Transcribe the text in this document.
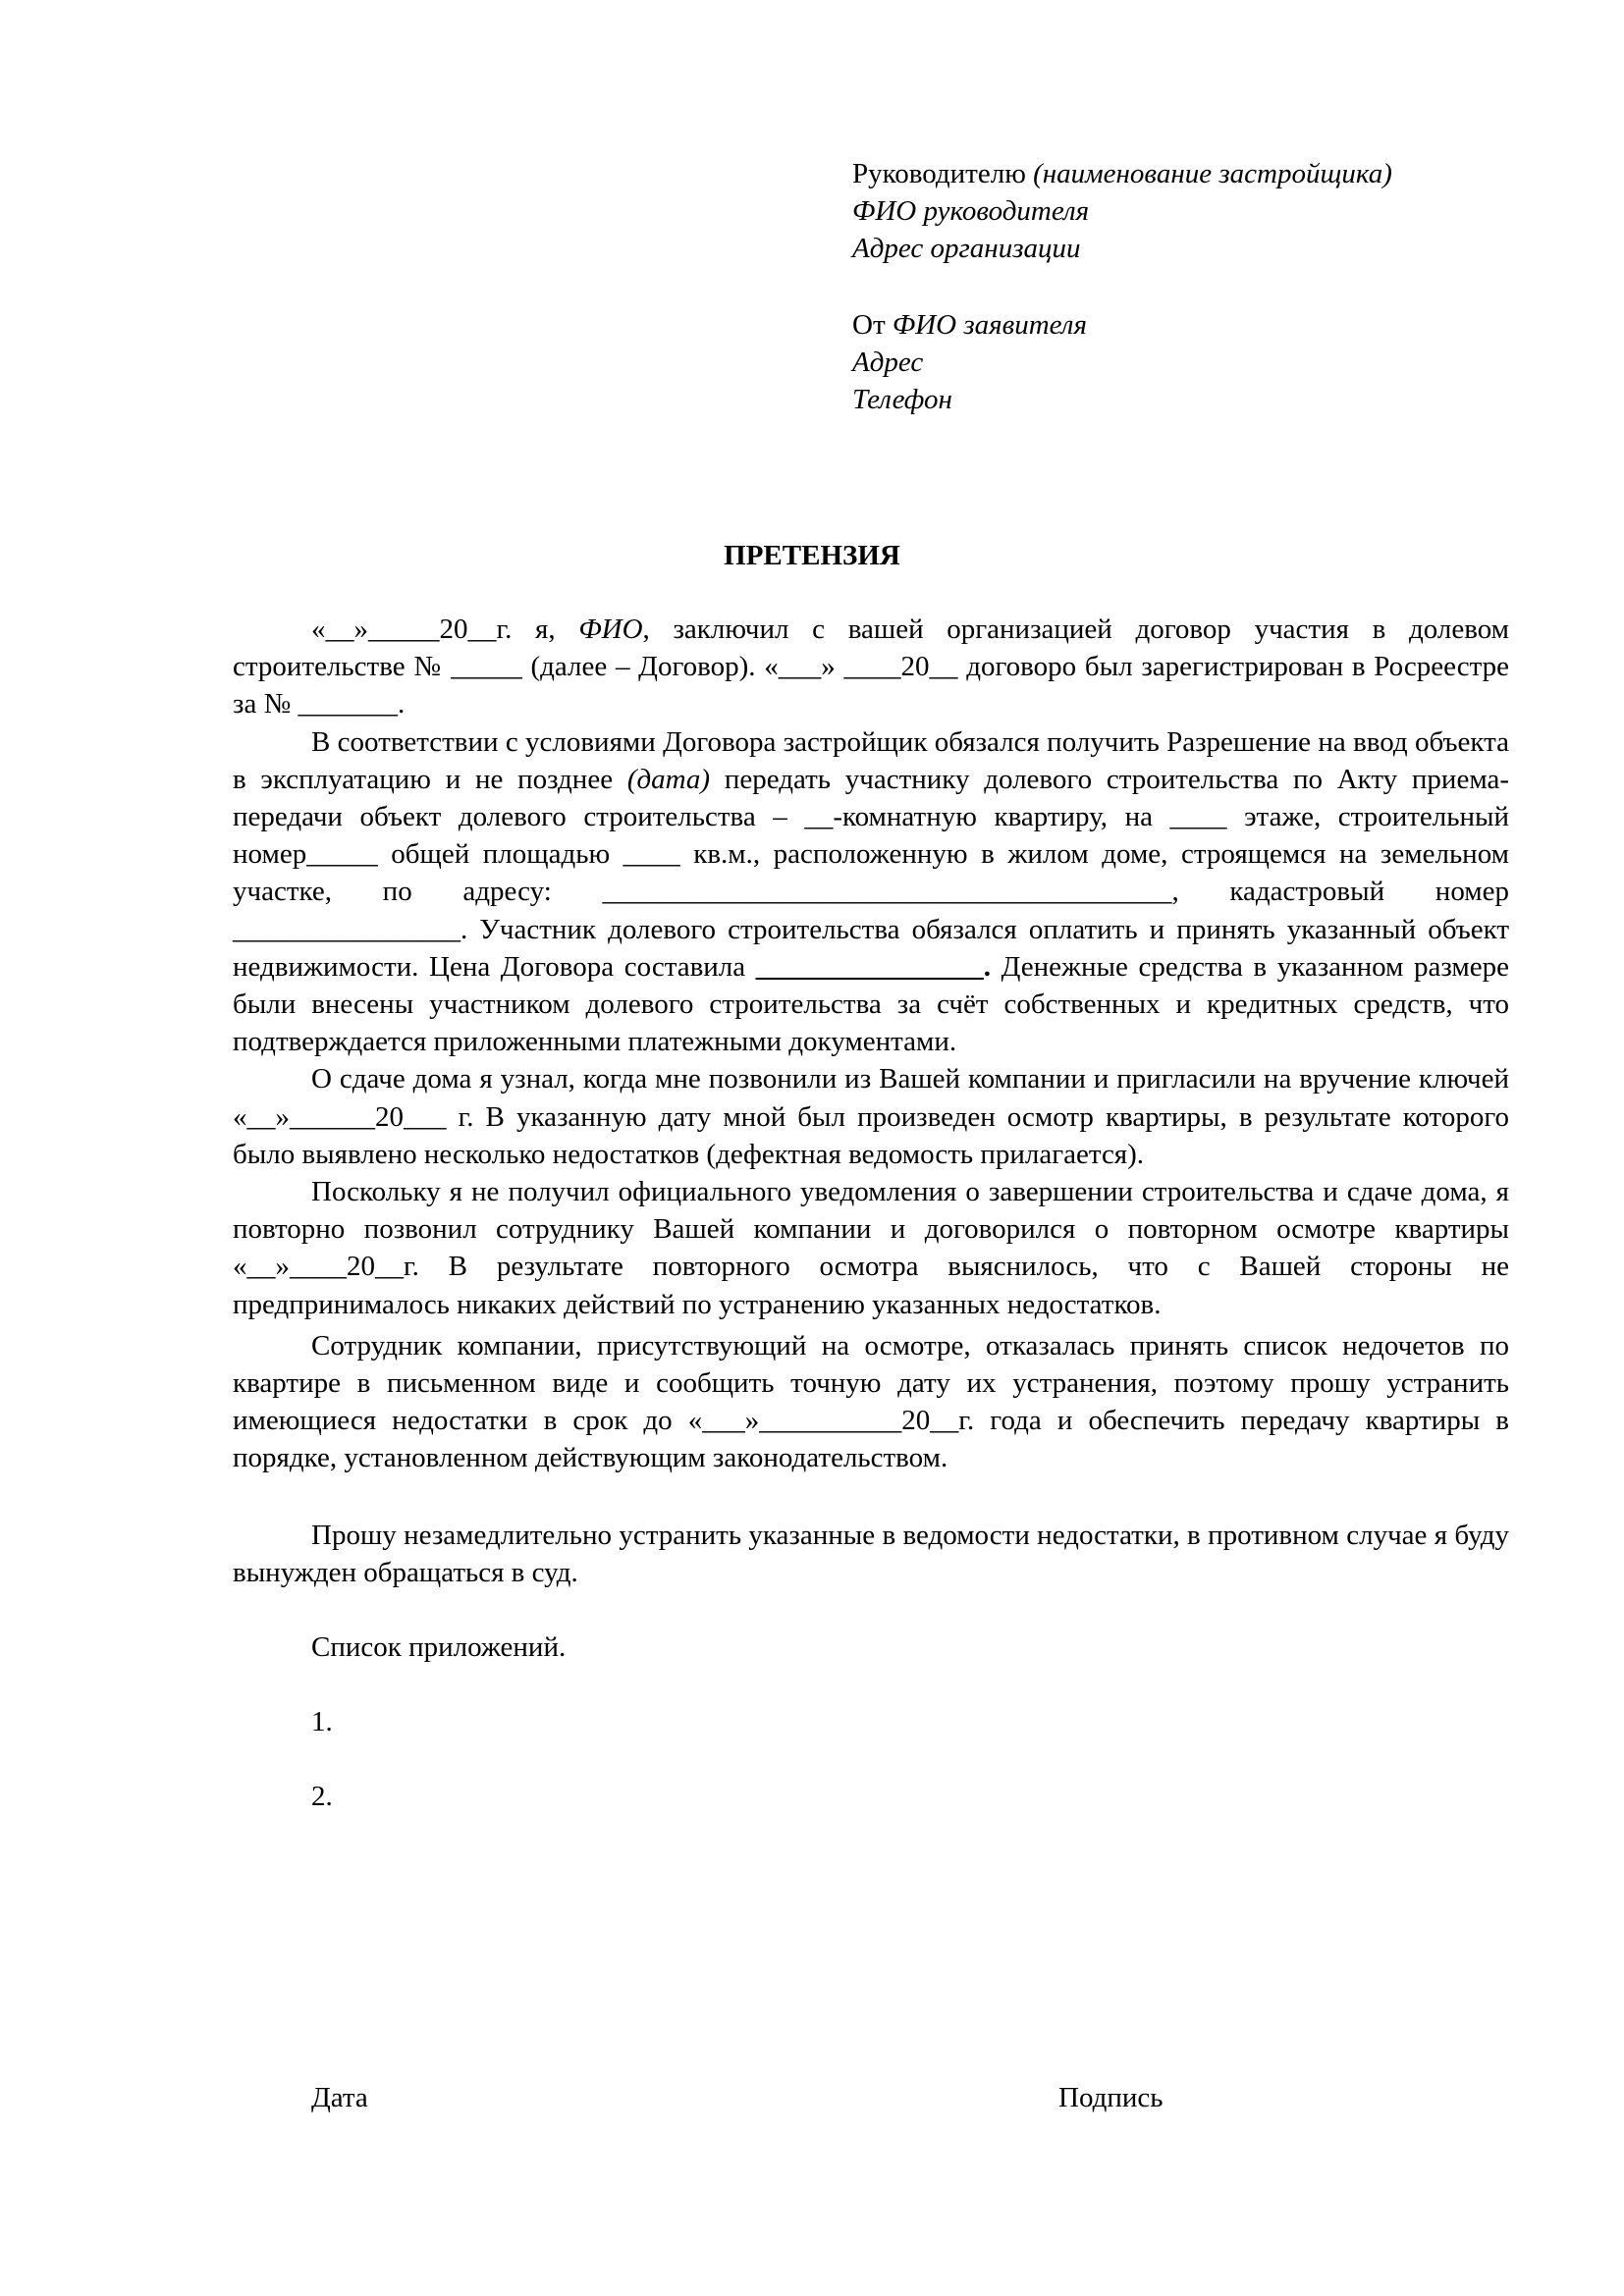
Руководителю (наименование застройщика)
ФИО руководителя
Адрес организации
От ФИО заявителя
Адрес
Телефон
ПРЕТЕНЗИЯ

«__»_____20__г. я, ФИО, заключил с вашей организацией договор участия в долевом строительстве № _____ (далее – Договор). «___» ____20__ договоро был зарегистрирован в Росреестре за № _______.

В соответствии с условиями Договора застройщик обязался получить Разрешение на ввод объекта в эксплуатацию и не позднее (дата) передать участнику долевого строительства по Акту приема-передачи объект долевого строительства – __-комнатную квартиру, на ____ этаже, строительный номер_____ общей площадью ____ кв.м., расположенную в жилом доме, строящемся на земельном участке, по адресу: ________________________________________, кадастровый номер ________________. Участник долевого строительства обязался оплатить и принять указанный объект недвижимости. Цена Договора составила ________________. Денежные средства в указанном размере были внесены участником долевого строительства за счёт собственных и кредитных средств, что подтверждается приложенными платежными документами.

О сдаче дома я узнал, когда мне позвонили из Вашей компании и пригласили на вручение ключей «__»______20___ г. В указанную дату мной был произведен осмотр квартиры, в результате которого было выявлено несколько недостатков (дефектная ведомость прилагается).

Поскольку я не получил официального уведомления о завершении строительства и сдаче дома, я повторно позвонил сотруднику Вашей компании и договорился о повторном осмотре квартиры «__»____20__г. В результате повторного осмотра выяснилось, что с Вашей стороны не предпринималось никаких действий по устранению указанных недостатков.

Сотрудник компании, присутствующий на осмотре, отказалась принять список недочетов по квартире в письменном виде и сообщить точную дату их устранения, поэтому прошу устранить имеющиеся недостатки в срок до «___»__________20__г. года и обеспечить передачу квартиры в порядке, установленном действующим законодательством.

Прошу незамедлительно устранить указанные в ведомости недостатки, в противном случае я буду вынужден обращаться в суд.

Список приложений.

1.

2.

Дата	Подпись
